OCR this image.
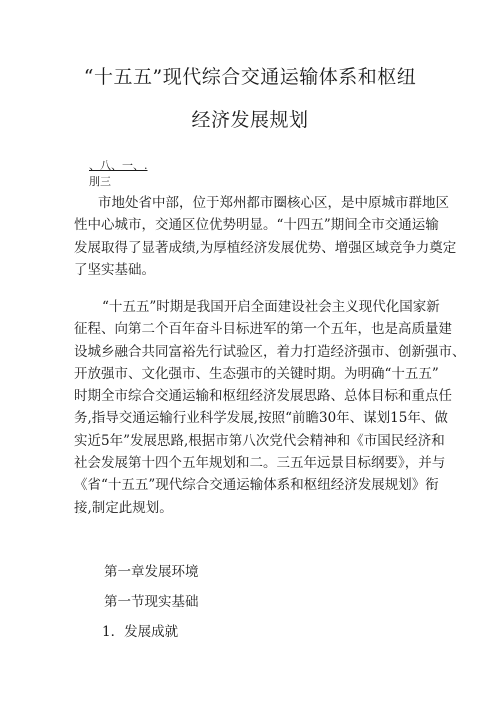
“十五五”现代综合交通运输体系和枢纽
经济发展规划
、八、一、.
刖三
市地处省中部，位于郑州都市圈核心区，是中原城市群地区
性中心城市，交通区位优势明显。“十四五”期间全市交通运输
发展取得了显著成绩,为厚植经济发展优势、增强区域竞争力奠定
了坚实基础。
“十五五”时期是我国开启全面建设社会主义现代化国家新
征程、向第二个百年奋斗目标进军的第一个五年，也是高质量建
设城乡融合共同富裕先行试验区，着力打造经济强市、创新强市、
开放强市、文化强市、生态强市的关键时期。为明确“十五五”
时期全市综合交通运输和枢纽经济发展思路、总体目标和重点任
务,指导交通运输行业科学发展,按照“前瞻30年、谋划15年、做
实近5年”发展思路,根据市第八次党代会精神和《市国民经济和
社会发展第十四个五年规划和二。三五年远景目标纲要》，并与
《省“十五五”现代综合交通运输体系和枢纽经济发展规划》衔
接,制定此规划。
第一章发展环境
第一节现实基础
1．发展成就
